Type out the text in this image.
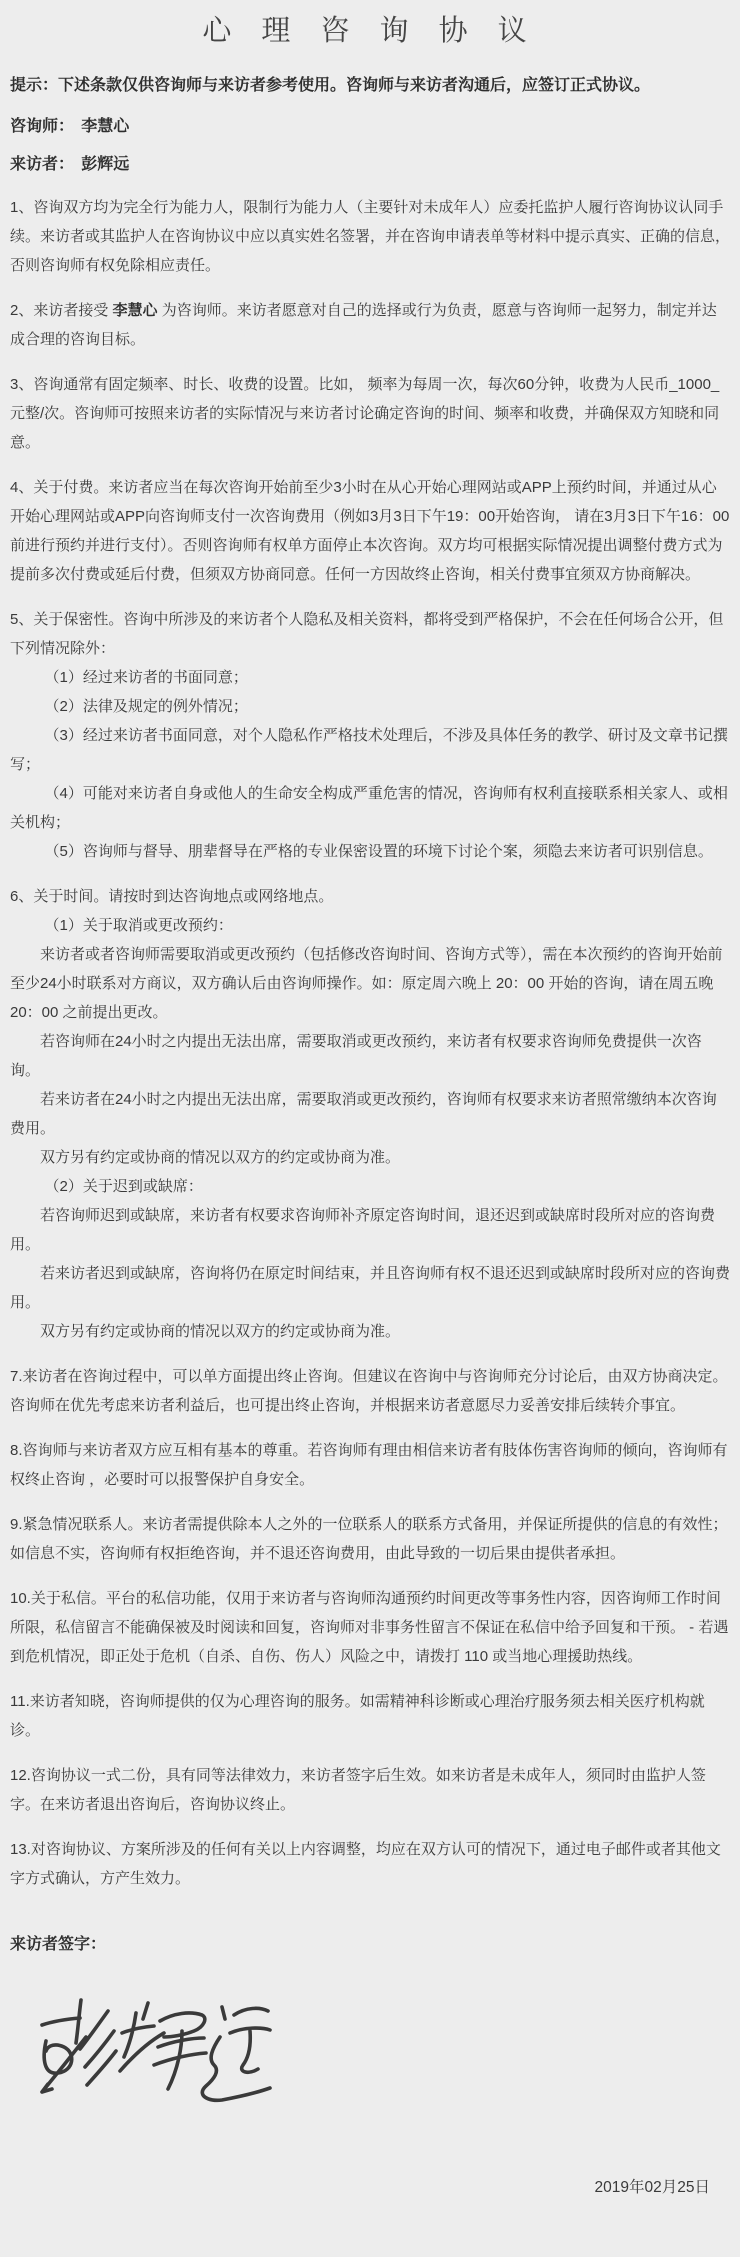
心 理 咨 询 协 议

提示：下述条款仅供咨询师与来访者参考使用。咨询师与来访者沟通后，应签订正式协议。

咨询师： 李慧心

来访者： 彭辉远

1、咨询双方均为完全行为能力人，限制行为能力人（主要针对未成年人）应委托监护人履行咨询协议认同手续。来访者或其监护人在咨询协议中应以真实姓名签署，并在咨询申请表单等材料中提示真实、正确的信息，否则咨询师有权免除相应责任。

2、来访者接受 李慧心 为咨询师。来访者愿意对自己的选择或行为负责，愿意与咨询师一起努力，制定并达成合理的咨询目标。

3、咨询通常有固定频率、时长、收费的设置。比如， 频率为每周一次，每次60分钟，收费为人民币_1000_元整/次。咨询师可按照来访者的实际情况与来访者讨论确定咨询的时间、频率和收费，并确保双方知晓和同意。

4、关于付费。来访者应当在每次咨询开始前至少3小时在从心开始心理网站或APP上预约时间，并通过从心开始心理网站或APP向咨询师支付一次咨询费用（例如3月3日下午19：00开始咨询， 请在3月3日下午16：00前进行预约并进行支付）。否则咨询师有权单方面停止本次咨询。双方均可根据实际情况提出调整付费方式为提前多次付费或延后付费，但须双方协商同意。任何一方因故终止咨询，相关付费事宜须双方协商解决。

5、关于保密性。咨询中所涉及的来访者个人隐私及相关资料，都将受到严格保护，不会在任何场合公开，但下列情况除外：

（1）经过来访者的书面同意；

（2）法律及规定的例外情况；

（3）经过来访者书面同意，对个人隐私作严格技术处理后，不涉及具体任务的教学、研讨及文章书记撰写；

（4）可能对来访者自身或他人的生命安全构成严重危害的情况，咨询师有权利直接联系相关家人、或相关机构；

（5）咨询师与督导、朋辈督导在严格的专业保密设置的环境下讨论个案，须隐去来访者可识别信息。

6、关于时间。请按时到达咨询地点或网络地点。

（1）关于取消或更改预约：

来访者或者咨询师需要取消或更改预约（包括修改咨询时间、咨询方式等），需在本次预约的咨询开始前至少24小时联系对方商议，双方确认后由咨询师操作。如：原定周六晚上 20：00 开始的咨询，请在周五晚 20：00 之前提出更改。

若咨询师在24小时之内提出无法出席，需要取消或更改预约，来访者有权要求咨询师免费提供一次咨询。

若来访者在24小时之内提出无法出席，需要取消或更改预约，咨询师有权要求来访者照常缴纳本次咨询费用。

双方另有约定或协商的情况以双方的约定或协商为准。

（2）关于迟到或缺席：

若咨询师迟到或缺席，来访者有权要求咨询师补齐原定咨询时间，退还迟到或缺席时段所对应的咨询费用。

若来访者迟到或缺席，咨询将仍在原定时间结束，并且咨询师有权不退还迟到或缺席时段所对应的咨询费用。

双方另有约定或协商的情况以双方的约定或协商为准。

7.来访者在咨询过程中，可以单方面提出终止咨询。但建议在咨询中与咨询师充分讨论后，由双方协商决定。咨询师在优先考虑来访者利益后，也可提出终止咨询，并根据来访者意愿尽力妥善安排后续转介事宜。

8.咨询师与来访者双方应互相有基本的尊重。若咨询师有理由相信来访者有肢体伤害咨询师的倾向，咨询师有权终止咨询 ，必要时可以报警保护自身安全。

9.紧急情况联系人。来访者需提供除本人之外的一位联系人的联系方式备用，并保证所提供的信息的有效性；如信息不实，咨询师有权拒绝咨询，并不退还咨询费用，由此导致的一切后果由提供者承担。

10.关于私信。平台的私信功能，仅用于来访者与咨询师沟通预约时间更改等事务性内容，因咨询师工作时间所限，私信留言不能确保被及时阅读和回复，咨询师对非事务性留言不保证在私信中给予回复和干预。 - 若遇到危机情况，即正处于危机（自杀、自伤、伤人）风险之中，请拨打 110 或当地心理援助热线。

11.来访者知晓，咨询师提供的仅为心理咨询的服务。如需精神科诊断或心理治疗服务须去相关医疗机构就诊。

12.咨询协议一式二份，具有同等法律效力，来访者签字后生效。如来访者是未成年人，须同时由监护人签字。在来访者退出咨询后，咨询协议终止。

13.对咨询协议、方案所涉及的任何有关以上内容调整，均应在双方认可的情况下，通过电子邮件或者其他文字方式确认，方产生效力。

来访者签字：

2019年02月25日
